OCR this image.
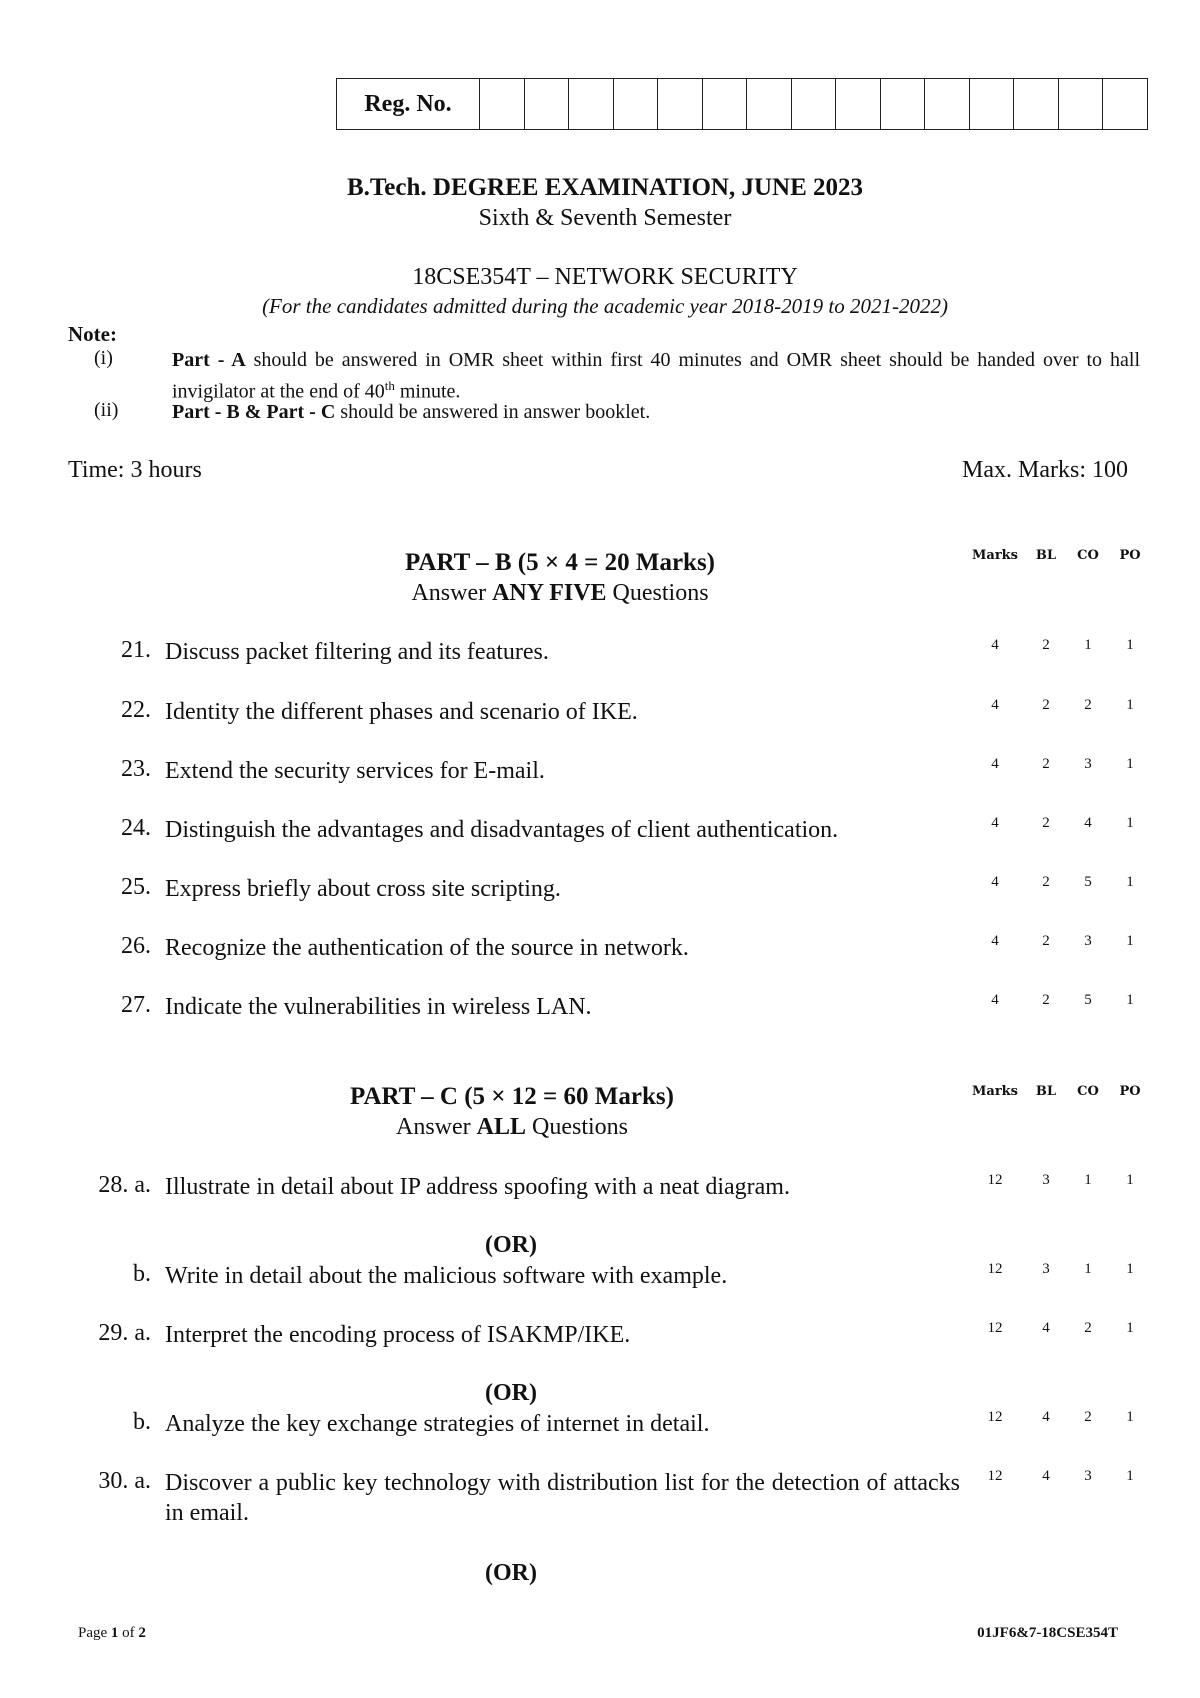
Reg. No.
B.Tech. DEGREE EXAMINATION, JUNE 2023
Sixth & Seventh Semester
18CSE354T – NETWORK SECURITY
(For the candidates admitted during the academic year 2018-2019 to 2021-2022)
Note:
(i)	Part - A should be answered in OMR sheet within first 40 minutes and OMR sheet should be handed over to hall invigilator at the end of 40th minute.
(ii)	Part - B & Part - C should be answered in answer booklet.
Time: 3 hours	Max. Marks: 100
PART – B (5 × 4 = 20 Marks)
Answer ANY FIVE Questions
Marks BL CO PO
21. Discuss packet filtering and its features.	4	2 1 1
22. Identity the different phases and scenario of IKE.	4	2 2 1
23. Extend the security services for E-mail.	4	2 3 1
24. Distinguish the advantages and disadvantages of client authentication.	4	2 4 1
25. Express briefly about cross site scripting.	4	2 5 1
26. Recognize the authentication of the source in network.	4	2 3 1
27. Indicate the vulnerabilities in wireless LAN.	4	2 5 1
PART – C (5 × 12 = 60 Marks)
Answer ALL Questions
Marks BL CO PO
28. a. Illustrate in detail about IP address spoofing with a neat diagram.	12	3 1 1
(OR)
b. Write in detail about the malicious software with example.	12	3 1 1
29. a. Interpret the encoding process of ISAKMP/IKE.	12	4 2 1
(OR)
b. Analyze the key exchange strategies of internet in detail.	12	4 2 1
30. a. Discover a public key technology with distribution list for the detection of attacks in email.
12	4 3 1
(OR)
Page 1 of 2	01JF6&7-18CSE354T
